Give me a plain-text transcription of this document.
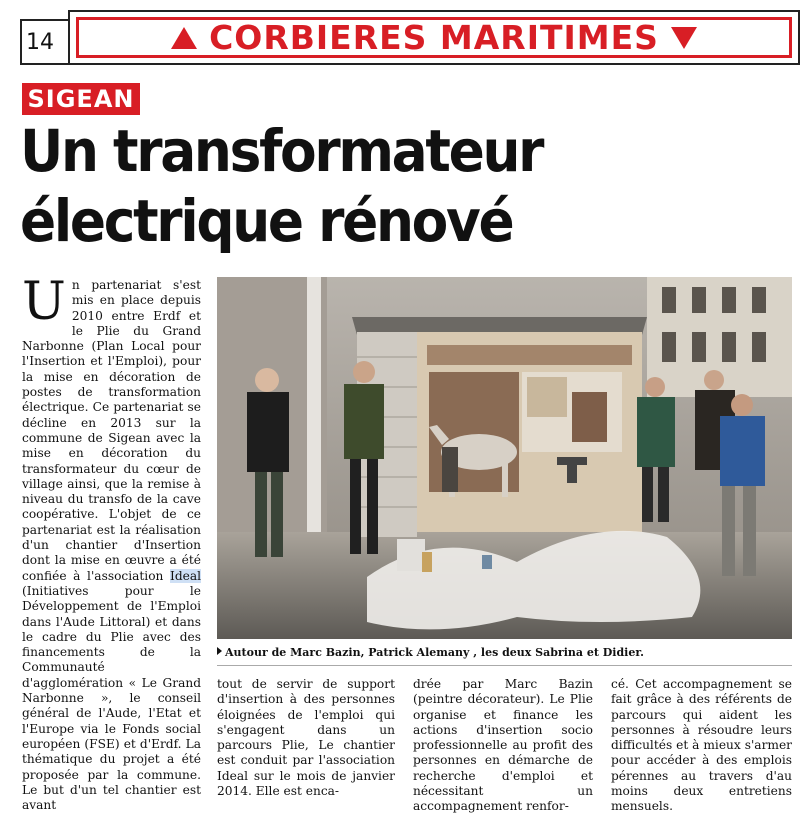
14	CORBIERES MARITIMES
SIGEAN
Un transformateur
électrique rénové
Un partenariat s'est mis en place depuis 2010 entre Erdf et le Plie du Grand Narbonne (Plan Local pour l'Insertion et l'Emploi), pour la mise en décoration de postes de transformation électrique. Ce partenariat se décline en 2013 sur la commune de Sigean avec la mise en décoration du transformateur du cœur de village ainsi, que la remise à niveau du transfo de la cave coopérative. L'objet de ce partenariat est la réalisation d'un chantier d'Insertion dont la mise en œuvre a été confiée à l'association Ideal (Initiatives pour le Développement de l'Emploi dans l'Aude Littoral) et dans le cadre du Plie avec des financements de la Communauté d'agglomération « Le Grand Narbonne », le conseil général de l'Aude, l'Etat et l'Europe via le Fonds social européen (FSE) et d'Erdf. La thématique du projet a été proposée par la commune. Le but d'un tel chantier est avant
Autour de Marc Bazin, Patrick Alemany , les deux Sabrina et Didier.

tout de servir de support d'insertion à des personnes éloignées de l'emploi qui s'engagent dans un parcours Plie, Le chantier est conduit par l'association Ideal sur le mois de janvier 2014. Elle est enca-

drée par Marc Bazin (peintre décorateur). Le Plie organise et finance les actions d'insertion socio professionnelle au profit des personnes en démarche de recherche d'emploi et nécessitant un accompagnement renfor-

cé. Cet accompagnement se fait grâce à des référents de parcours qui aident les personnes à résoudre leurs difficultés et à mieux s'armer pour accéder à des emplois pérennes au travers d'au moins deux entretiens mensuels.
